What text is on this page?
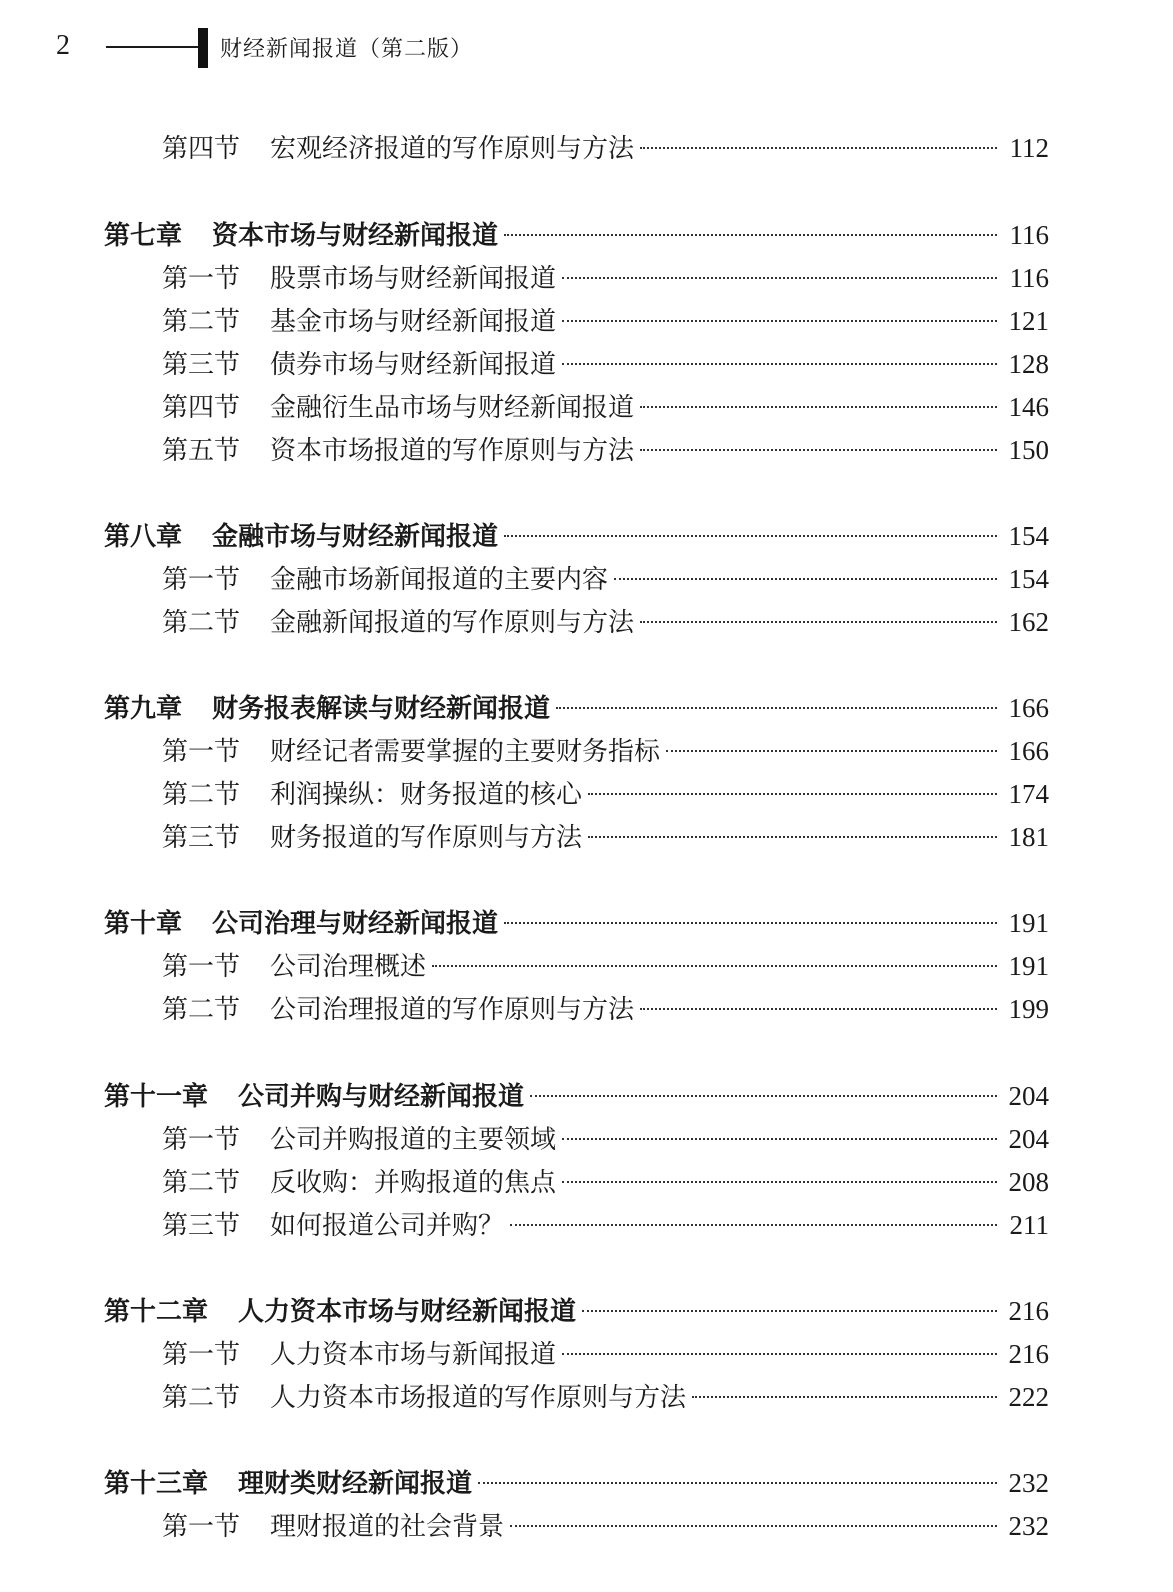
2	财经新闻报道（第二版）
第四节 宏观经济报道的写作原则与方法	112
第七章 资本市场与财经新闻报道	116
第一节 股票市场与财经新闻报道	116
第二节 基金市场与财经新闻报道	121
第三节 债券市场与财经新闻报道	128
第四节 金融衍生品市场与财经新闻报道	146
第五节 资本市场报道的写作原则与方法	150
第八章 金融市场与财经新闻报道	154
第一节 金融市场新闻报道的主要内容	154
第二节 金融新闻报道的写作原则与方法	162
第九章 财务报表解读与财经新闻报道	166
第一节 财经记者需要掌握的主要财务指标	166
第二节 利润操纵：财务报道的核心	174
第三节 财务报道的写作原则与方法	181
第十章 公司治理与财经新闻报道	191
第一节 公司治理概述	191
第二节 公司治理报道的写作原则与方法	199
第十一章 公司并购与财经新闻报道	204
第一节 公司并购报道的主要领域	204
第二节 反收购：并购报道的焦点	208
第三节 如何报道公司并购？	211
第十二章 人力资本市场与财经新闻报道	216
第一节 人力资本市场与新闻报道	216
第二节 人力资本市场报道的写作原则与方法	222
第十三章 理财类财经新闻报道	232
第一节 理财报道的社会背景	232
